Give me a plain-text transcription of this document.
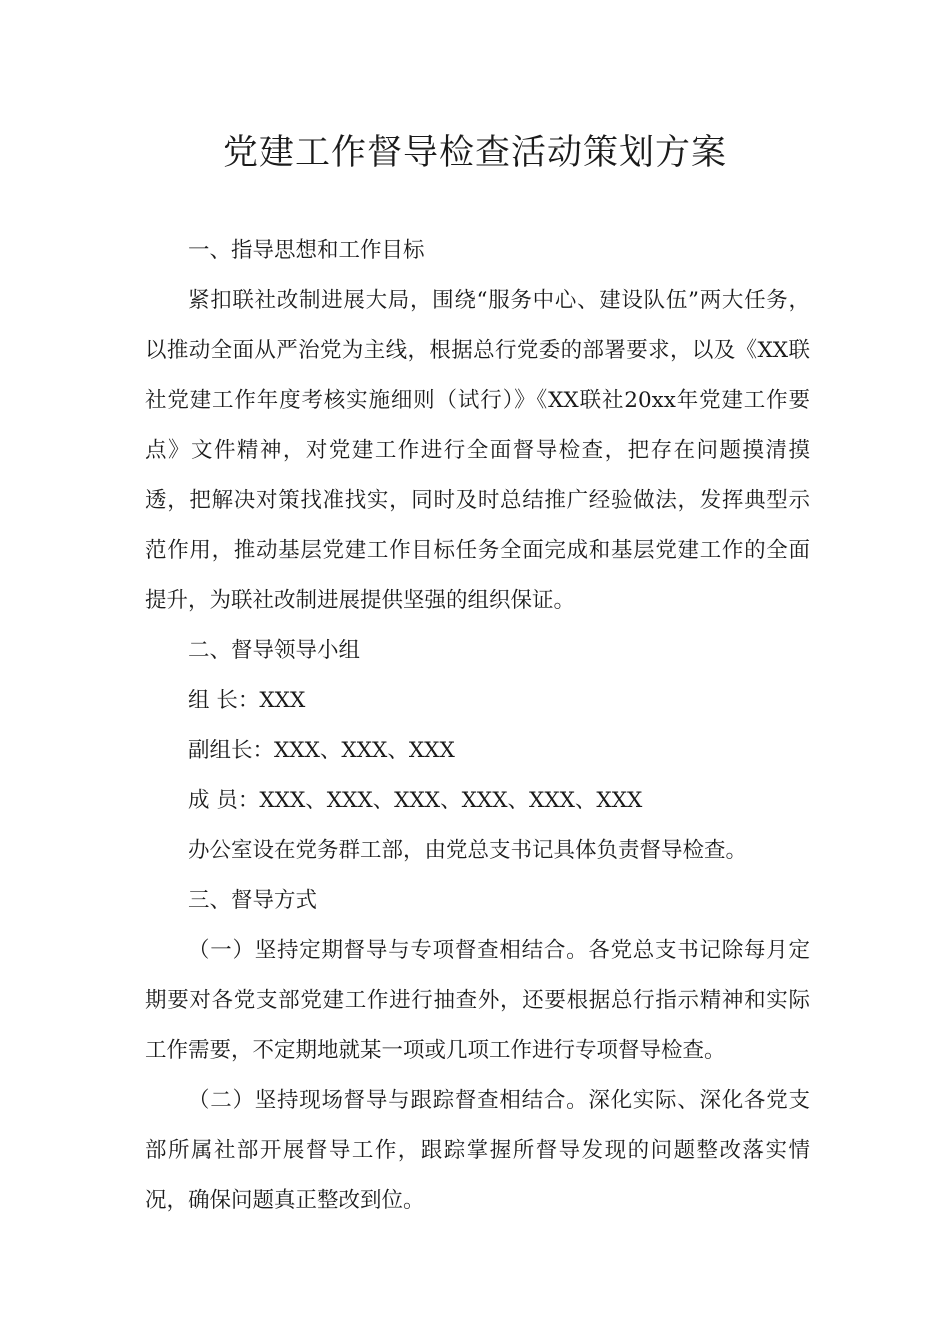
党建工作督导检查活动策划方案

一、指导思想和工作目标

紧扣联社改制进展大局，围绕“服务中心、建设队伍”两大任务，以推动全面从严治党为主线，根据总行党委的部署要求，以及《XX联社党建工作年度考核实施细则（试行）》《XX联社20xx年党建工作要点》文件精神，对党建工作进行全面督导检查，把存在问题摸清摸透，把解决对策找准找实，同时及时总结推广经验做法，发挥典型示范作用，推动基层党建工作目标任务全面完成和基层党建工作的全面提升，为联社改制进展提供坚强的组织保证。

二、督导领导小组

组 长：XXX

副组长：XXX、XXX、XXX

成 员：XXX、XXX、XXX、XXX、XXX、XXX

办公室设在党务群工部，由党总支书记具体负责督导检查。

三、督导方式

（一）坚持定期督导与专项督查相结合。各党总支书记除每月定期要对各党支部党建工作进行抽查外，还要根据总行指示精神和实际工作需要，不定期地就某一项或几项工作进行专项督导检查。

（二）坚持现场督导与跟踪督查相结合。深化实际、深化各党支部所属社部开展督导工作，跟踪掌握所督导发现的问题整改落实情况，确保问题真正整改到位。
